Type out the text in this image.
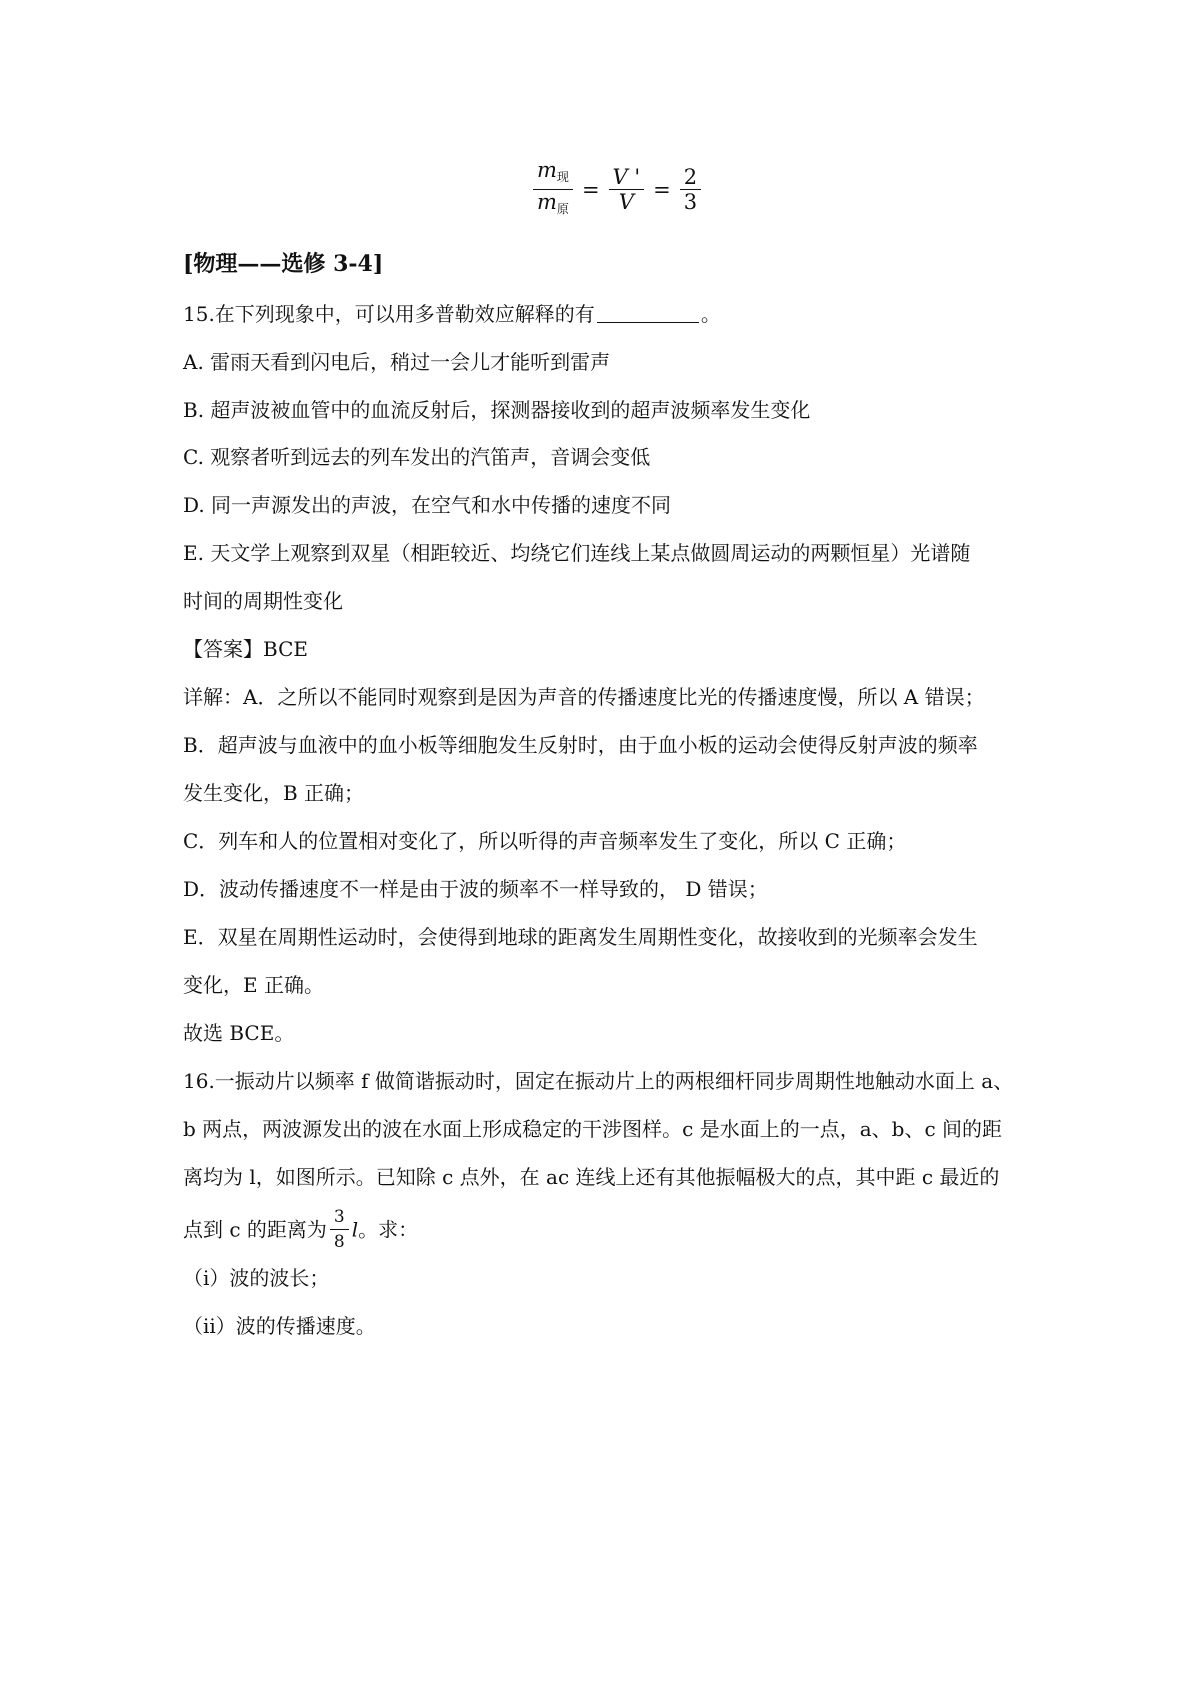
$\frac{m_现}{m_原} = \frac{V '}{V} = \frac{2}{3}$
[物理——选修 3-4]
15.在下列现象中，可以用多普勒效应解释的有	。
A. 雷雨天看到闪电后，稍过一会儿才能听到雷声
B. 超声波被血管中的血流反射后，探测器接收到的超声波频率发生变化
C. 观察者听到远去的列车发出的汽笛声，音调会变低
D. 同一声源发出的声波，在空气和水中传播的速度不同
E. 天文学上观察到双星（相距较近、均绕它们连线上某点做圆周运动的两颗恒星）光谱随
时间的周期性变化
【答案】BCE
详解：A．之所以不能同时观察到是因为声音的传播速度比光的传播速度慢，所以 A 错误；
B．超声波与血液中的血小板等细胞发生反射时，由于血小板的运动会使得反射声波的频率
发生变化，B 正确；
C．列车和人的位置相对变化了，所以听得的声音频率发生了变化，所以 C 正确；
D．波动传播速度不一样是由于波的频率不一样导致的， D 错误；
E．双星在周期性运动时，会使得到地球的距离发生周期性变化，故接收到的光频率会发生
变化，E 正确。
故选 BCE。
16.一振动片以频率 f 做简谐振动时，固定在振动片上的两根细杆同步周期性地触动水面上 a、
b 两点，两波源发出的波在水面上形成稳定的干涉图样。c 是水面上的一点，a、b、c 间的距
离均为 l，如图所示。已知除 c 点外，在 ac 连线上还有其他振幅极大的点，其中距 c 最近的
点到 c 的距离为 $\frac{3}{8}$ l。求：
（i）波的波长；
（ii）波的传播速度。
